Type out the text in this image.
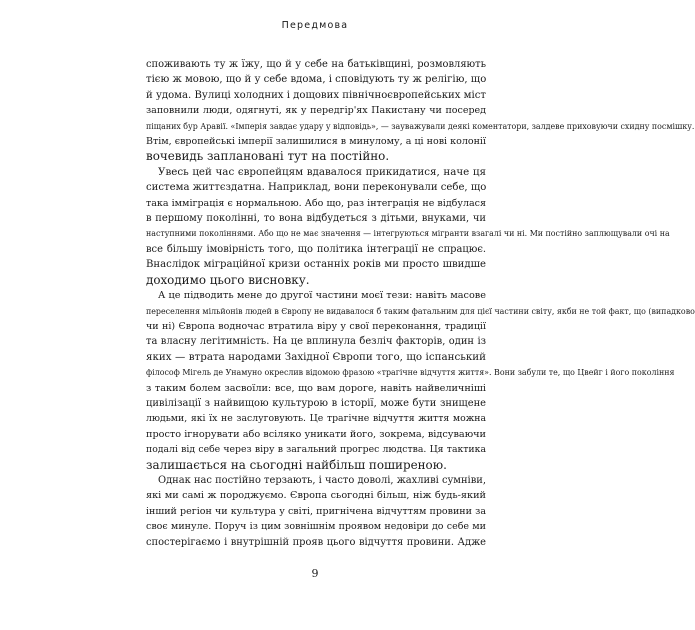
Передмова

споживають ту ж їжу, що й у себе на батьківщині, розмовляють
тією ж мовою, що й у себе вдома, і сповідують ту ж релігію, що
й удома. Вулиці холодних і дощових північноєвропейських міст
заповнили люди, одягнуті, як у передгір'ях Пакистану чи посеред
піщаних бур Аравії. «Імперія завдає удару у відповідь», — зауважували деякі коментатори, залдеве приховуючи схидну посмішку.
Втім, європейські імперії залишилися в минулому, а ці нові колонії
вочевидь заплановані тут на постійно.

Увесь цей час європейцям вдавалося прикидатися, наче ця
система життєздатна. Наприклад, вони переконували себе, що
така імміграція є нормальною. Або що, раз інтеграція не відбулася
в першому поколінні, то вона відбудеться з дітьми, внуками, чи
наступними поколіннями. Або що не має значення — інтегруються мігранти взагалі чи ні. Ми постійно заплющували очі на
все більшу імовірність того, що політика інтеграції не спрацює.
Внаслідок міграційної кризи останніх років ми просто швидше
доходимо цього висновку.

А це підводить мене до другої частини моєї тези: навіть масове
переселення мільйонів людей в Європу не видавалося б таким фатальним для цієї частини світу, якби не той факт, що (випадково
чи ні) Європа водночас втратила віру у свої переконання, традиції
та власну легітимність. На це вплинула безліч факторів, один із
яких — втрата народами Західної Європи того, що іспанський
філософ Мігель де Унамуно окреслив відомою фразою «трагічне відчуття життя». Вони забули те, що Цвейг і його покоління
з таким болем засвоїли: все, що вам дороге, навіть найвеличніші
цивілізації з найвищою культурою в історії, може бути знищене
людьми, які їх не заслуговують. Це трагічне відчуття життя можна
просто ігнорувати або всіляко уникати його, зокрема, відсуваючи
подалі від себе через віру в загальний прогрес людства. Ця тактика
залишається на сьогодні найбільш поширеною.

Однак нас постійно терзають, і часто доволі, жахливі сумніви,
які ми самі ж породжуємо. Європа сьогодні більш, ніж будь-який
інший регіон чи культура у світі, пригнічена відчуттям провини за
своє минуле. Поруч із цим зовнішнім проявом недовіри до себе ми
спостерігаємо і внутрішній прояв цього відчуття провини. Адже

9
